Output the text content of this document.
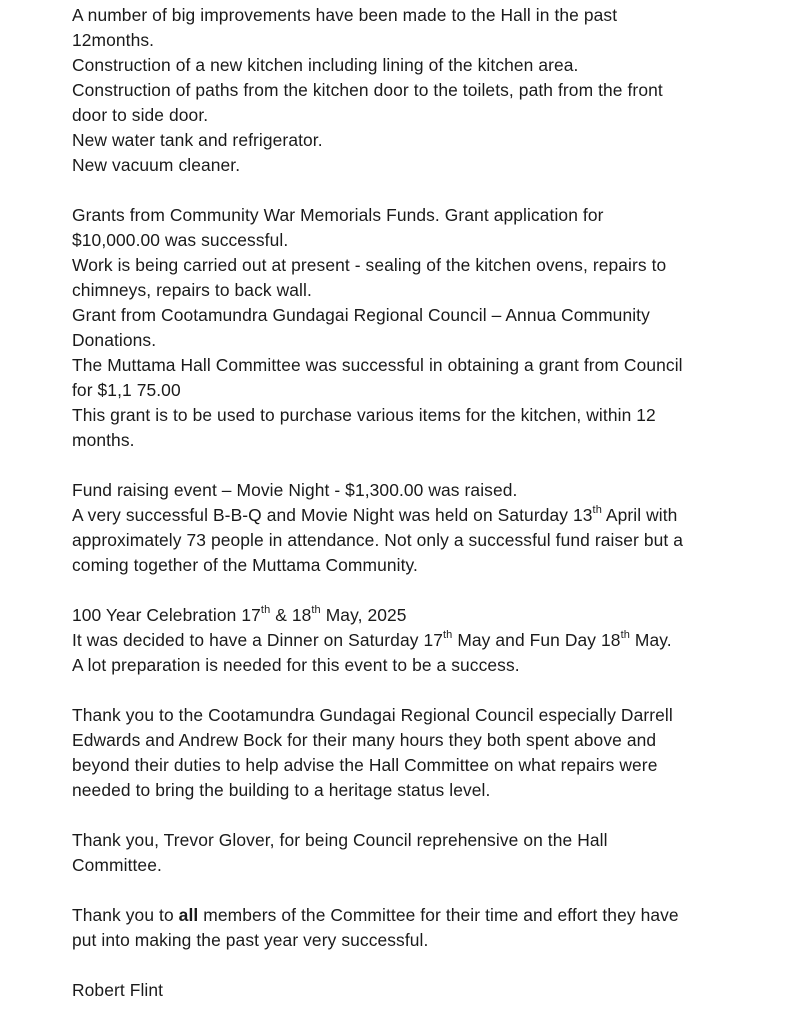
A number of big improvements have been made to the Hall in the past
12months.
Construction of a new kitchen including lining of the kitchen area.
Construction of paths from the kitchen door to the toilets, path from the front
door to side door.
New water tank and refrigerator.
New vacuum cleaner.
Grants from Community War Memorials Funds. Grant application for
$10,000.00 was successful.
Work is being carried out at present - sealing of the kitchen ovens, repairs to
chimneys, repairs to back wall.
Grant from Cootamundra Gundagai Regional Council – Annua Community
Donations.
The Muttama Hall Committee was successful in obtaining a grant from Council
for $1,1 75.00
This grant is to be used to purchase various items for the kitchen, within 12
months.
Fund raising event – Movie Night - $1,300.00 was raised.
A very successful B-B-Q and Movie Night was held on Saturday 13th April with
approximately 73 people in attendance. Not only a successful fund raiser but a
coming together of the Muttama Community.
100 Year Celebration 17th & 18th May, 2025
It was decided to have a Dinner on Saturday 17th May and Fun Day 18th May.
A lot preparation is needed for this event to be a success.
Thank you to the Cootamundra Gundagai Regional Council especially Darrell
Edwards and Andrew Bock for their many hours they both spent above and
beyond their duties to help advise the Hall Committee on what repairs were
needed to bring the building to a heritage status level.
Thank you, Trevor Glover, for being Council reprehensive on the Hall
Committee.
Thank you to all members of the Committee for their time and effort they have
put into making the past year very successful.
Robert Flint
